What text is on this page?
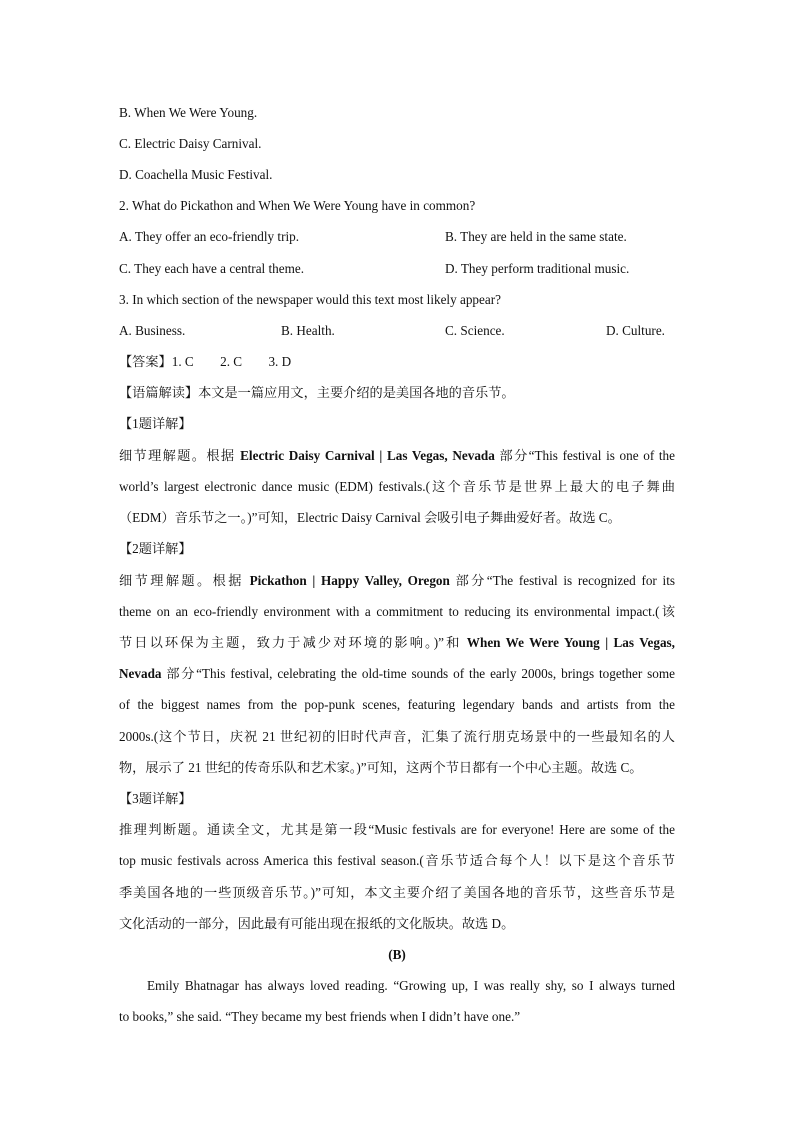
B. When We Were Young.
C. Electric Daisy Carnival.
D. Coachella Music Festival.
2. What do Pickathon and When We Were Young have in common?
A. They offer an eco-friendly trip.	B. They are held in the same state.
C. They each have a central theme.	D. They perform traditional music.
3. In which section of the newspaper would this text most likely appear?
A. Business.	B. Health.	C. Science.	D. Culture.
【答案】1. C　　2. C　　3. D
【语篇解读】本文是一篇应用文，主要介绍的是美国各地的音乐节。
【1题详解】
细节理解题。根据 Electric Daisy Carnival | Las Vegas, Nevada 部分“This festival is one of the
world’s largest electronic dance music (EDM) festivals.(这个音乐节是世界上最大的电子舞曲
（EDM）音乐节之一。)”可知，Electric Daisy Carnival 会吸引电子舞曲爱好者。故选 C。
【2题详解】
细节理解题。根据 Pickathon | Happy Valley, Oregon 部分“The festival is recognized for its
theme on an eco-friendly environment with a commitment to reducing its environmental impact.(该
节日以环保为主题，致力于减少对环境的影响。)”和 When We Were Young | Las Vegas,
Nevada 部分“This festival, celebrating the old-time sounds of the early 2000s, brings together some
of the biggest names from the pop-punk scenes, featuring legendary bands and artists from the
2000s.(这个节日，庆祝 21 世纪初的旧时代声音，汇集了流行朋克场景中的一些最知名的人
物，展示了 21 世纪的传奇乐队和艺术家。)”可知，这两个节日都有一个中心主题。故选 C。
【3题详解】
推理判断题。通读全文，尤其是第一段“Music festivals are for everyone! Here are some of the
top music festivals across America this festival season.(音乐节适合每个人！以下是这个音乐节
季美国各地的一些顶级音乐节。)”可知，本文主要介绍了美国各地的音乐节，这些音乐节是
文化活动的一部分，因此最有可能出现在报纸的文化版块。故选 D。
(B)
Emily Bhatnagar has always loved reading. “Growing up, I was really shy, so I always turned
to books,” she said. “They became my best friends when I didn’t have one.”
